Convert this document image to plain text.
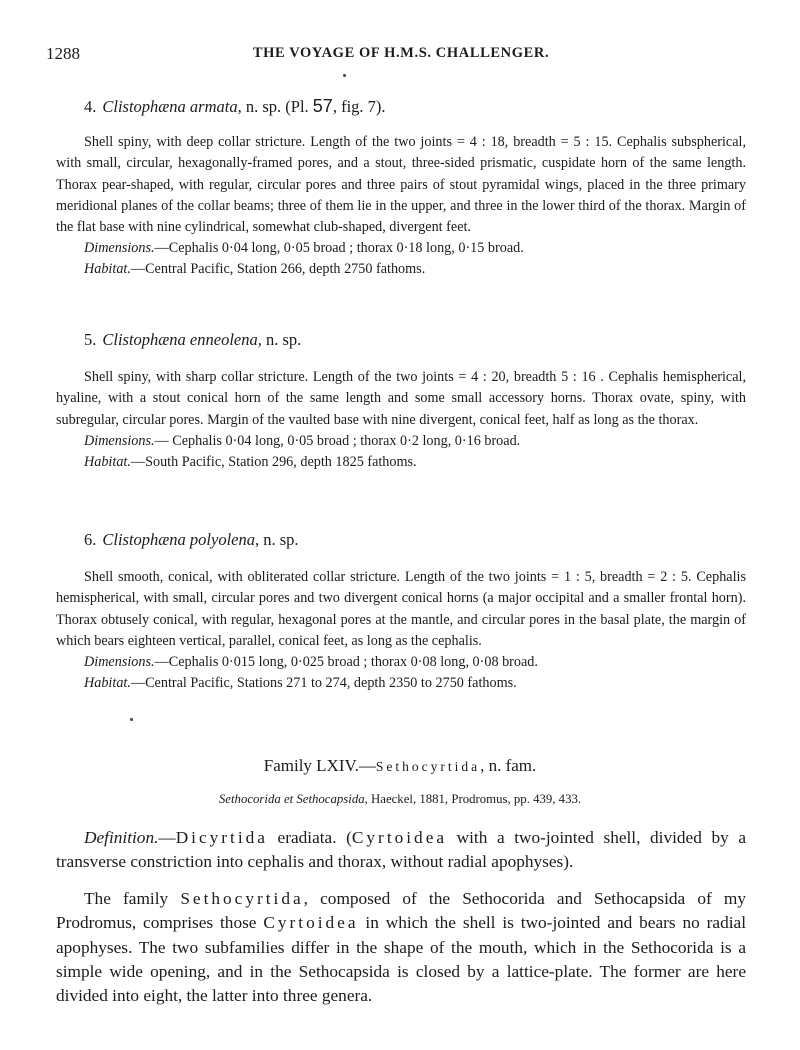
1288	THE VOYAGE OF H.M.S. CHALLENGER.

4. Clistophæna armata, n. sp. (Pl. 57, fig. 7).

Shell spiny, with deep collar stricture. Length of the two joints = 4 : 18, breadth = 5 : 15. Cephalis subspherical, with small, circular, hexagonally-framed pores, and a stout, three-sided prismatic, cuspidate horn of the same length. Thorax pear-shaped, with regular, circular pores and three pairs of stout pyramidal wings, placed in the three primary meridional planes of the collar beams; three of them lie in the upper, and three in the lower third of the thorax. Margin of the flat base with nine cylindrical, somewhat club-shaped, divergent feet.

Dimensions.—Cephalis 0·04 long, 0·05 broad ; thorax 0·18 long, 0·15 broad.

Habitat.—Central Pacific, Station 266, depth 2750 fathoms.

5. Clistophæna enneolena, n. sp.

Shell spiny, with sharp collar stricture. Length of the two joints = 4 : 20, breadth 5 : 16 . Cephalis hemispherical, hyaline, with a stout conical horn of the same length and some small accessory horns. Thorax ovate, spiny, with subregular, circular pores. Margin of the vaulted base with nine divergent, conical feet, half as long as the thorax.

Dimensions.— Cephalis 0·04 long, 0·05 broad ; thorax 0·2 long, 0·16 broad.

Habitat.—South Pacific, Station 296, depth 1825 fathoms.

6. Clistophæna polyolena, n. sp.

Shell smooth, conical, with obliterated collar stricture. Length of the two joints = 1 : 5, breadth = 2 : 5. Cephalis hemispherical, with small, circular pores and two divergent conical horns (a major occipital and a smaller frontal horn). Thorax obtusely conical, with regular, hexagonal pores at the mantle, and circular pores in the basal plate, the margin of which bears eighteen vertical, parallel, conical feet, as long as the cephalis.

Dimensions.—Cephalis 0·015 long, 0·025 broad ; thorax 0·08 long, 0·08 broad.

Habitat.—Central Pacific, Stations 271 to 274, depth 2350 to 2750 fathoms.

Family LXIV.—Sethocyrtida, n. fam.
Sethocorida et Sethocapsida, Haeckel, 1881, Prodromus, pp. 439, 433.

Definition.—Dicyrtida eradiata. (Cyrtoidea with a two-jointed shell, divided by a transverse constriction into cephalis and thorax, without radial apophyses).

The family Sethocyrtida, composed of the Sethocorida and Sethocapsida of my Prodromus, comprises those Cyrtoidea in which the shell is two-jointed and bears no radial apophyses. The two subfamilies differ in the shape of the mouth, which in the Sethocorida is a simple wide opening, and in the Sethocapsida is closed by a lattice-plate. The former are here divided into eight, the latter into three genera.
